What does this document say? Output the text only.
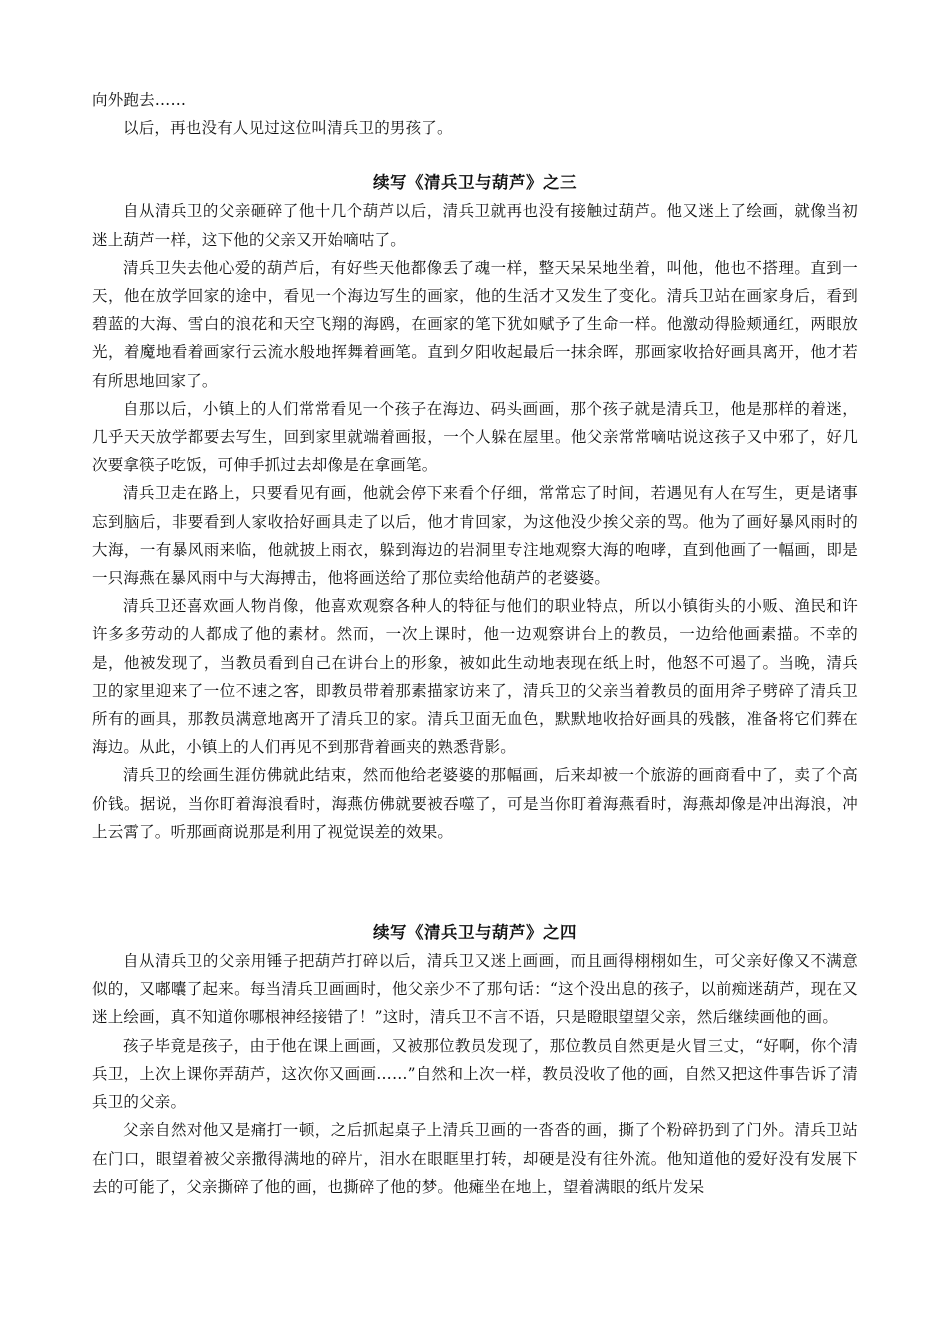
向外跑去……

以后，再也没有人见过这位叫清兵卫的男孩了。

续写《清兵卫与葫芦》之三

自从清兵卫的父亲砸碎了他十几个葫芦以后，清兵卫就再也没有接触过葫芦。他又迷上了绘画，就像当初迷上葫芦一样，这下他的父亲又开始嘀咕了。

清兵卫失去他心爱的葫芦后，有好些天他都像丢了魂一样，整天呆呆地坐着，叫他，他也不搭理。直到一天，他在放学回家的途中，看见一个海边写生的画家，他的生活才又发生了变化。清兵卫站在画家身后，看到碧蓝的大海、雪白的浪花和天空飞翔的海鸥，在画家的笔下犹如赋予了生命一样。他激动得脸颊通红，两眼放光，着魔地看着画家行云流水般地挥舞着画笔。直到夕阳收起最后一抹余晖，那画家收拾好画具离开，他才若有所思地回家了。

自那以后，小镇上的人们常常看见一个孩子在海边、码头画画，那个孩子就是清兵卫，他是那样的着迷，几乎天天放学都要去写生，回到家里就端着画报，一个人躲在屋里。他父亲常常嘀咕说这孩子又中邪了，好几次要拿筷子吃饭，可伸手抓过去却像是在拿画笔。

清兵卫走在路上，只要看见有画，他就会停下来看个仔细，常常忘了时间，若遇见有人在写生，更是诸事忘到脑后，非要看到人家收拾好画具走了以后，他才肯回家，为这他没少挨父亲的骂。他为了画好暴风雨时的大海，一有暴风雨来临，他就披上雨衣，躲到海边的岩洞里专注地观察大海的咆哮，直到他画了一幅画，即是一只海燕在暴风雨中与大海搏击，他将画送给了那位卖给他葫芦的老婆婆。

清兵卫还喜欢画人物肖像，他喜欢观察各种人的特征与他们的职业特点，所以小镇街头的小贩、渔民和许许多多劳动的人都成了他的素材。然而，一次上课时，他一边观察讲台上的教员，一边给他画素描。不幸的是，他被发现了，当教员看到自己在讲台上的形象，被如此生动地表现在纸上时，他怒不可遏了。当晚，清兵卫的家里迎来了一位不速之客，即教员带着那素描家访来了，清兵卫的父亲当着教员的面用斧子劈碎了清兵卫所有的画具，那教员满意地离开了清兵卫的家。清兵卫面无血色，默默地收拾好画具的残骸，准备将它们葬在海边。从此，小镇上的人们再见不到那背着画夹的熟悉背影。

清兵卫的绘画生涯仿佛就此结束，然而他给老婆婆的那幅画，后来却被一个旅游的画商看中了，卖了个高价钱。据说，当你盯着海浪看时，海燕仿佛就要被吞噬了，可是当你盯着海燕看时，海燕却像是冲出海浪，冲上云霄了。听那画商说那是利用了视觉误差的效果。

续写《清兵卫与葫芦》之四

自从清兵卫的父亲用锤子把葫芦打碎以后，清兵卫又迷上画画，而且画得栩栩如生，可父亲好像又不满意似的，又嘟囔了起来。每当清兵卫画画时，他父亲少不了那句话：“这个没出息的孩子，以前痴迷葫芦，现在又迷上绘画，真不知道你哪根神经接错了！”这时，清兵卫不言不语，只是瞪眼望望父亲，然后继续画他的画。

孩子毕竟是孩子，由于他在课上画画，又被那位教员发现了，那位教员自然更是火冒三丈，“好啊，你个清兵卫，上次上课你弄葫芦，这次你又画画……”自然和上次一样，教员没收了他的画，自然又把这件事告诉了清兵卫的父亲。

父亲自然对他又是痛打一顿，之后抓起桌子上清兵卫画的一沓沓的画，撕了个粉碎扔到了门外。清兵卫站在门口，眼望着被父亲撒得满地的碎片，泪水在眼眶里打转，却硬是没有往外流。他知道他的爱好没有发展下去的可能了，父亲撕碎了他的画，也撕碎了他的梦。他瘫坐在地上，望着满眼的纸片发呆
